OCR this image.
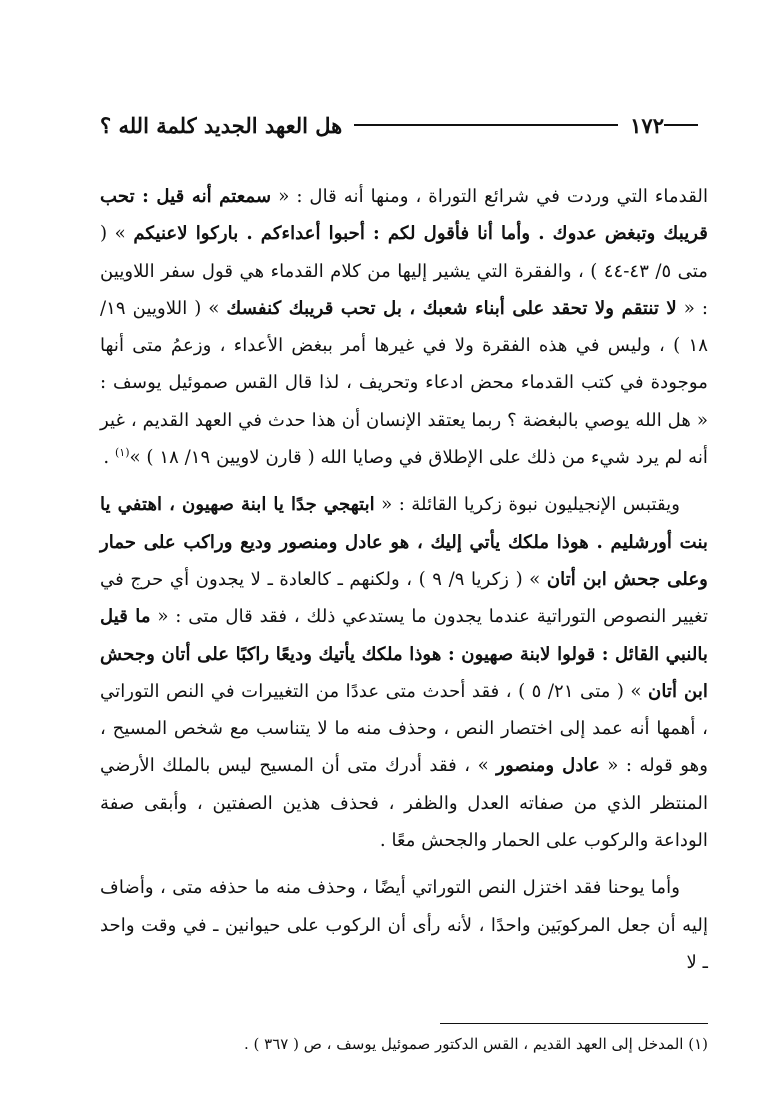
١٧٢
هل العهد الجديد كلمة الله ؟

القدماء التي وردت في شرائع التوراة ، ومنها أنه قال : « سمعتم أنه قيل : تحب قريبك وتبغض عدوك . وأما أنا فأقول لكم : أحبوا أعداءكم . باركوا لاعنيكم » ( متى ٥/ ٤٣-٤٤ ) ، والفقرة التي يشير إليها من كلام القدماء هي قول سفر اللاويين : « لا تنتقم ولا تحقد على أبناء شعبك ، بل تحب قريبك كنفسك » ( اللاويين ١٩/ ١٨ ) ، وليس في هذه الفقرة ولا في غيرها أمر ببغض الأعداء ، وزعمُ متى أنها موجودة في كتب القدماء محض ادعاء وتحريف ، لذا قال القس صموئيل يوسف : « هل الله يوصي بالبغضة ؟ ربما يعتقد الإنسان أن هذا حدث في العهد القديم ، غير أنه لم يرد شيء من ذلك على الإطلاق في وصايا الله ( قارن لاويين ١٩/ ١٨ ) »$^{(١)}$ .

ويقتبس الإنجيليون نبوة زكريا القائلة : « ابتهجي جدًا يا ابنة صهيون ، اهتفي يا بنت أورشليم . هوذا ملكك يأتي إليك ، هو عادل ومنصور وديع وراكب على حمار وعلى جحش ابن أتان » ( زكريا ٩/ ٩ ) ، ولكنهم ـ كالعادة ـ لا يجدون أي حرج في تغيير النصوص التوراتية عندما يجدون ما يستدعي ذلك ، فقد قال متى : « ما قيل بالنبي القائل : قولوا لابنة صهيون : هوذا ملكك يأتيك وديعًا راكبًا على أتان وجحش ابن أتان » ( متى ٢١/ ٥ ) ، فقد أحدث متى عددًا من التغييرات في النص التوراتي ، أهمها أنه عمد إلى اختصار النص ، وحذف منه ما لا يتناسب مع شخص المسيح ، وهو قوله : « عادل ومنصور » ، فقد أدرك متى أن المسيح ليس بالملك الأرضي المنتظر الذي من صفاته العدل والظفر ، فحذف هذين الصفتين ، وأبقى صفة الوداعة والركوب على الحمار والجحش معًا .

وأما يوحنا فقد اختزل النص التوراتي أيضًا ، وحذف منه ما حذفه متى ، وأضاف إليه أن جعل المركوبَين واحدًا ، لأنه رأى أن الركوب على حيوانين ـ في وقت واحد ـ لا

(١) المدخل إلى العهد القديم ، القس الدكتور صموئيل يوسف ، ص ( ٣٦٧ ) .
